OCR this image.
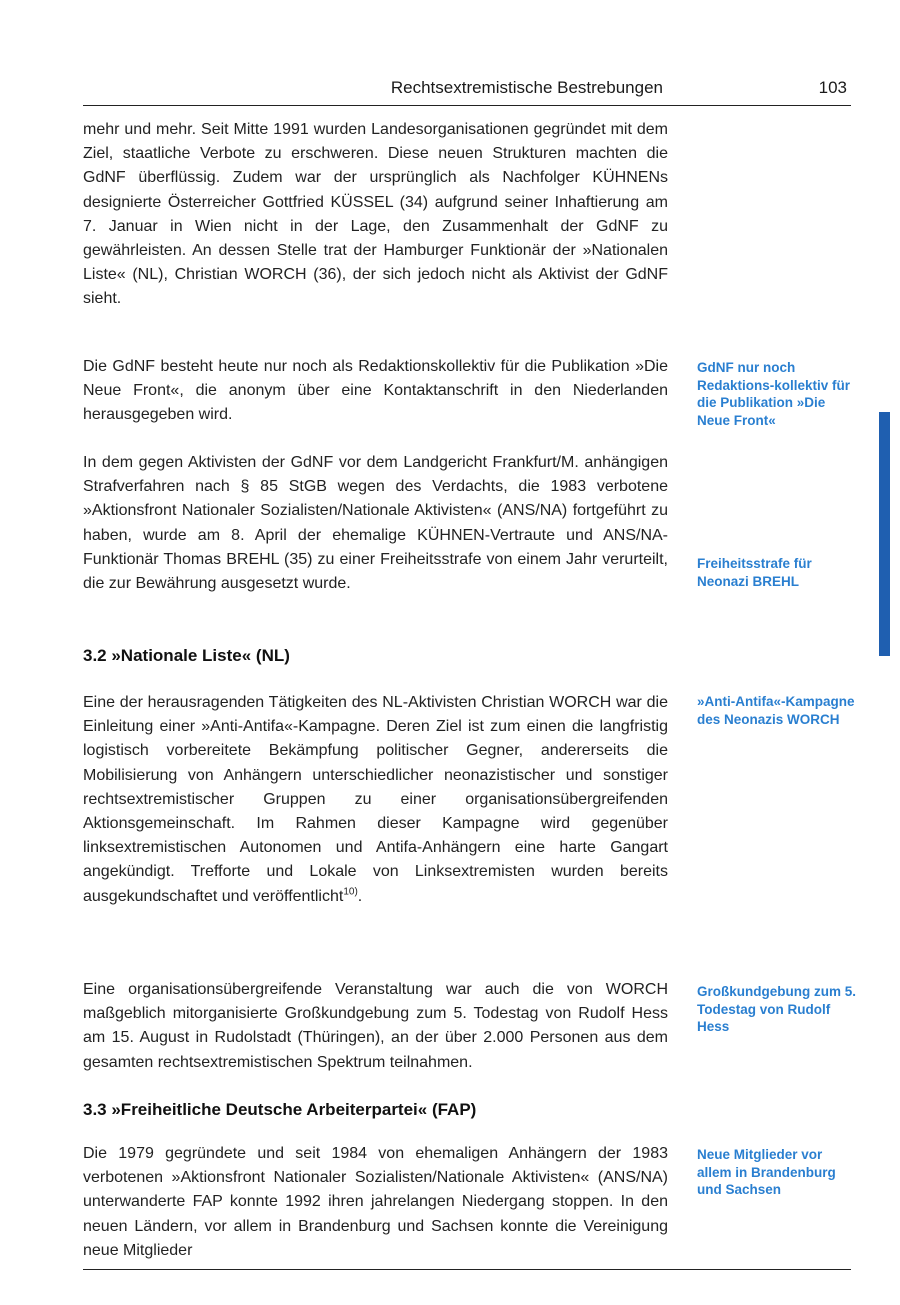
Rechtsextremistische Bestrebungen	103

mehr und mehr. Seit Mitte 1991 wurden Landesorganisationen gegründet mit dem Ziel, staatliche Verbote zu erschweren. Diese neuen Strukturen machten die GdNF überflüssig. Zudem war der ursprünglich als Nachfolger KÜHNENs designierte Österreicher Gottfried KÜSSEL (34) aufgrund seiner Inhaftierung am 7. Januar in Wien nicht in der Lage, den Zusammenhalt der GdNF zu gewährleisten. An dessen Stelle trat der Hamburger Funktionär der »Nationalen Liste« (NL), Christian WORCH (36), der sich jedoch nicht als Aktivist der GdNF sieht.

Die GdNF besteht heute nur noch als Redaktionskollektiv für die Publikation »Die Neue Front«, die anonym über eine Kontaktanschrift in den Niederlanden herausgegeben wird.

In dem gegen Aktivisten der GdNF vor dem Landgericht Frankfurt/M. anhängigen Strafverfahren nach § 85 StGB wegen des Verdachts, die 1983 verbotene »Aktionsfront Nationaler Sozialisten/Nationale Aktivisten« (ANS/NA) fortgeführt zu haben, wurde am 8. April der ehemalige KÜHNEN-Vertraute und ANS/NA-Funktionär Thomas BREHL (35) zu einer Freiheitsstrafe von einem Jahr verurteilt, die zur Bewährung ausgesetzt wurde.

3.2 »Nationale Liste« (NL)

Eine der herausragenden Tätigkeiten des NL-Aktivisten Christian WORCH war die Einleitung einer »Anti-Antifa«-Kampagne. Deren Ziel ist zum einen die langfristig logistisch vorbereitete Bekämpfung politischer Gegner, andererseits die Mobilisierung von Anhängern unterschiedlicher neonazistischer und sonstiger rechtsextremistischer Gruppen zu einer organisationsübergreifenden Aktionsgemeinschaft. Im Rahmen dieser Kampagne wird gegenüber linksextremistischen Autonomen und Antifa-Anhängern eine harte Gangart angekündigt. Trefforte und Lokale von Linksextremisten wurden bereits ausgekundschaftet und veröffentlicht$^{10)}$.

Eine organisationsübergreifende Veranstaltung war auch die von WORCH maßgeblich mitorganisierte Großkundgebung zum 5. Todestag von Rudolf Hess am 15. August in Rudolstadt (Thüringen), an der über 2.000 Personen aus dem gesamten rechtsextremistischen Spektrum teilnahmen.

3.3 »Freiheitliche Deutsche Arbeiterpartei« (FAP)

Die 1979 gegründete und seit 1984 von ehemaligen Anhängern der 1983 verbotenen »Aktionsfront Nationaler Sozialisten/Nationale Aktivisten« (ANS/NA) unterwanderte FAP konnte 1992 ihren jahrelangen Niedergang stoppen. In den neuen Ländern, vor allem in Brandenburg und Sachsen konnte die Vereinigung neue Mitglieder

GdNF nur noch Redaktions-kollektiv für die Publikation »Die Neue Front«

Freiheitsstrafe für Neonazi BREHL

»Anti-Antifa«-Kampagne des Neonazis WORCH

Großkundgebung zum 5. Todestag von Rudolf Hess

Neue Mitglieder vor allem in Brandenburg und Sachsen
